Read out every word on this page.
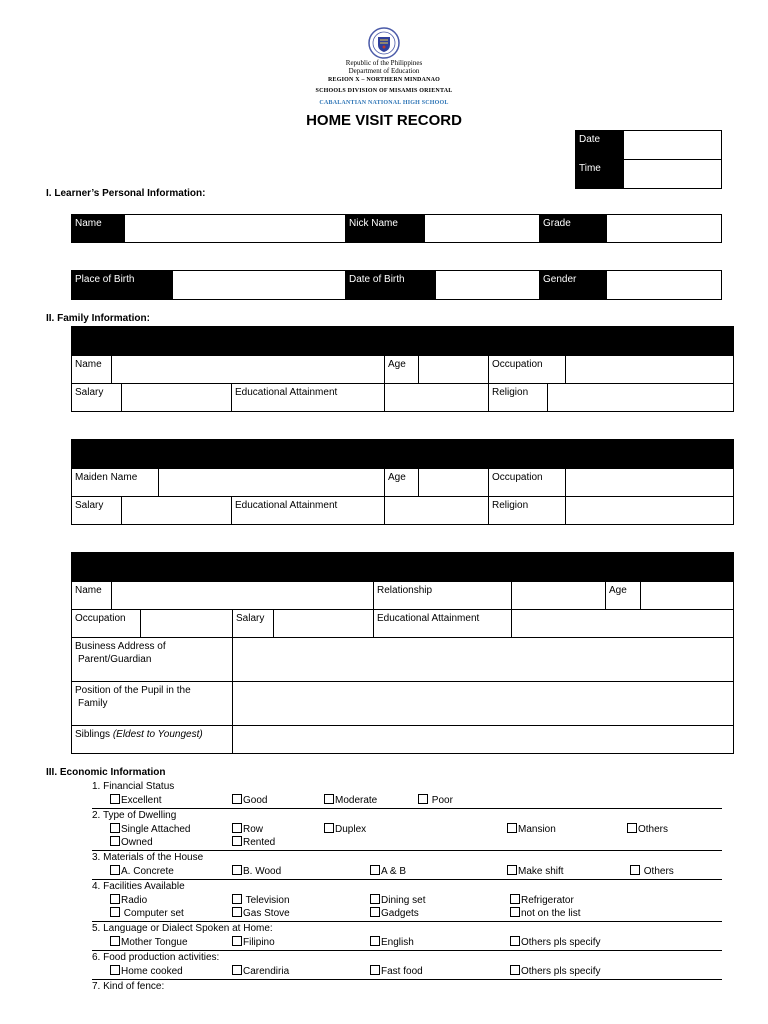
Republic of the Philippines
Department of Education
REGION X – NORTHERN MINDANAO
SCHOOLS DIVISION OF MISAMIS ORIENTAL
CABALANTIAN NATIONAL HIGH SCHOOL
HOME VISIT RECORD
Date	
Time	
I. Learner’s Personal Information:
Name		Nick Name		Grade	
Place of Birth		Date of Birth		Gender	
II. Family Information:

Name				Age		Occupation		
Salary			Educational Attainment			Religion		

Maiden Name				Age		Occupation	
Salary			Educational Attainment			Religion	

Name					Relationship		Age	
Occupation			Salary		Educational Attainment			
Business Address of
Parent/Guardian								
Position of the Pupil in the
Family								
Siblings (Eldest to Youngest)								
III. Economic Information
1. Financial Status
Excellent	Good	Moderate	Poor
2. Type of Dwelling
Single Attached	Row	Duplex	Mansion	Others
Owned	Rented
3. Materials of the House
A. Concrete	B. Wood	A & B	Make shift	Others
4. Facilities Available
Radio	Television	Dining set	Refrigerator
Computer set	Gas Stove	Gadgets	not on the list
5. Language or Dialect Spoken at Home:
Mother Tongue	Filipino	English	Others pls specify
6. Food production activities:
Home cooked	Carendiria	Fast food	Others pls specify
7. Kind of fence:
